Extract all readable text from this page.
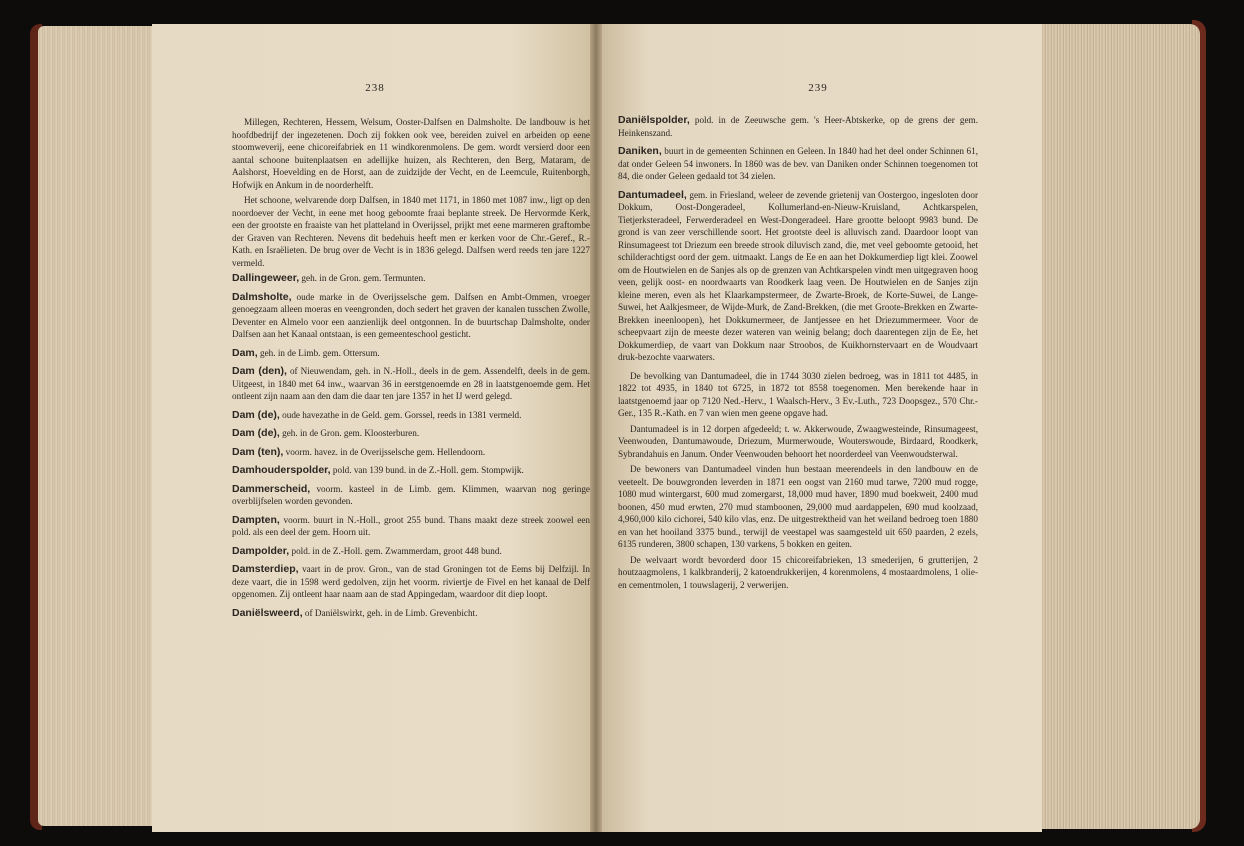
238

Millegen, Rechteren, Hessem, Welsum, Ooster-Dalfsen en Dalmsholte. De landbouw is het hoofdbedrijf der ingezetenen. Doch zij fokken ook vee, bereiden zuivel en arbeiden op eene stoomweverij, eene chicoreifabriek en 11 windkorenmolens. De gem. wordt versierd door een aantal schoone buitenplaatsen en adellijke huizen, als Rechteren, den Berg, Mataram, de Aalshorst, Hoevelding en de Horst, aan de zuidzijde der Vecht, en de Leemcule, Ruitenborgh, Hofwijk en Ankum in de noorderhelft.

Het schoone, welvarende dorp Dalfsen, in 1840 met 1171, in 1860 met 1087 inw., ligt op den noordoever der Vecht, in eene met hoog geboomte fraai beplante streek. De Hervormde Kerk, een der grootste en fraaiste van het platteland in Overijssel, prijkt met eene marmeren graftombe der Graven van Rechteren. Nevens dit bedehuis heeft men er kerken voor de Chr.-Geref., R.-Kath. en Israëlieten. De brug over de Vecht is in 1836 gelegd. Dalfsen werd reeds ten jare 1227 vermeld.

Dallingeweer, geh. in de Gron. gem. Termunten.

Dalmsholte, oude marke in de Overijsselsche gem. Dalfsen en Ambt-Ommen, vroeger genoegzaam alleen moeras en veengronden, doch sedert het graven der kanalen tusschen Zwolle, Deventer en Almelo voor een aanzienlijk deel ontgonnen. In de buurtschap Dalmsholte, onder Dalfsen aan het Kanaal ontstaan, is een gemeenteschool gesticht.

Dam, geh. in de Limb. gem. Ottersum.

Dam (den), of Nieuwendam, geh. in N.-Holl., deels in de gem. Assendelft, deels in de gem. Uitgeest, in 1840 met 64 inw., waarvan 36 in eerstgenoemde en 28 in laatstgenoemde gem. Het ontleent zijn naam aan den dam die daar ten jare 1357 in het IJ werd gelegd.

Dam (de), oude havezathe in de Geld. gem. Gorssel, reeds in 1381 vermeld.

Dam (de), geh. in de Gron. gem. Kloosterburen.

Dam (ten), voorm. havez. in de Overijsselsche gem. Hellendoorn.

Damhouderspolder, pold. van 139 bund. in de Z.-Holl. gem. Stompwijk.

Dammerscheid, voorm. kasteel in de Limb. gem. Klimmen, waarvan nog geringe overblijfselen worden gevonden.

Dampten, voorm. buurt in N.-Holl., groot 255 bund. Thans maakt deze streek zoowel een pold. als een deel der gem. Hoorn uit.

Dampolder, pold. in de Z.-Holl. gem. Zwammerdam, groot 448 bund.

Damsterdiep, vaart in de prov. Gron., van de stad Groningen tot de Eems bij Delfzijl. In deze vaart, die in 1598 werd gedolven, zijn het voorm. riviertje de Fivel en het kanaal de Delf opgenomen. Zij ontleent haar naam aan de stad Appingedam, waardoor dit diep loopt.

Daniëlsweerd, of Daniëlswirkt, geh. in de Limb. Grevenbicht.

239

Daniëlspolder, pold. in de Zeeuwsche gem. 's Heer-Abtskerke, op de grens der gem. Heinkenszand.

Daniken, buurt in de gemeenten Schinnen en Geleen. In 1840 had het deel onder Schinnen 61, dat onder Geleen 54 inwoners. In 1860 was de bev. van Daniken onder Schinnen toegenomen tot 84, die onder Geleen gedaald tot 34 zielen.

Dantumadeel, gem. in Friesland, weleer de zevende grietenij van Oostergoo, ingesloten door Dokkum, Oost-Dongeradeel, Kollumerland-en-Nieuw-Kruisland, Achtkarspelen, Tietjerksteradeel, Ferwerderadeel en West-Dongeradeel. Hare grootte beloopt 9983 bund. De grond is van zeer verschillende soort. Het grootste deel is alluvisch zand. Daardoor loopt van Rinsumageest tot Driezum een breede strook diluvisch zand, die, met veel geboomte getooid, het schilderachtigst oord der gem. uitmaakt. Langs de Ee en aan het Dokkumerdiep ligt klei. Zoowel om de Houtwielen en de Sanjes als op de grenzen van Achtkarspelen vindt men uitgegraven hoog veen, gelijk oost- en noordwaarts van Roodkerk laag veen. De Houtwielen en de Sanjes zijn kleine meren, even als het Klaarkampstermeer, de Zwarte-Broek, de Korte-Suwei, de Lange-Suwei, het Aalkjesmeer, de Wijde-Murk, de Zand-Brekken, (die met Groote-Brekken en Zwarte-Brekken ineenloopen), het Dokkumermeer, de Jantjessee en het Driezummermeer. Voor de scheepvaart zijn de meeste dezer wateren van weinig belang; doch daarentegen zijn de Ee, het Dokkumerdiep, de vaart van Dokkum naar Stroobos, de Kuikhornstervaart en de Woudvaart druk-bezochte vaarwaters.

De bevolking van Dantumadeel, die in 1744 3030 zielen bedroeg, was in 1811 tot 4485, in 1822 tot 4935, in 1840 tot 6725, in 1872 tot 8558 toegenomen. Men berekende haar in laatstgenoemd jaar op 7120 Ned.-Herv., 1 Waalsch-Herv., 3 Ev.-Luth., 723 Doopsgez., 570 Chr.-Ger., 135 R.-Kath. en 7 van wien men geene opgave had.

Dantumadeel is in 12 dorpen afgedeeld; t. w. Akkerwoude, Zwaagwesteinde, Rinsumageest, Veenwouden, Dantumawoude, Driezum, Murmerwoude, Wouterswoude, Birdaard, Roodkerk, Sybrandahuis en Janum. Onder Veenwouden behoort het noorderdeel van Veenwoudsterwal.

De bewoners van Dantumadeel vinden hun bestaan meerendeels in den landbouw en de veeteelt. De bouwgronden leverden in 1871 een oogst van 2160 mud tarwe, 7200 mud rogge, 1080 mud wintergarst, 600 mud zomergarst, 18,000 mud haver, 1890 mud boekweit, 2400 mud boonen, 450 mud erwten, 270 mud stamboonen, 29,000 mud aardappelen, 690 mud koolzaad, 4,960,000 kilo cichorei, 540 kilo vlas, enz. De uitgestrektheid van het weiland bedroeg toen 1880 en van het hooiland 3375 bund., terwijl de veestapel was saamgesteld uit 650 paarden, 2 ezels, 6135 runderen, 3800 schapen, 130 varkens, 5 bokken en geiten.

De welvaart wordt bevorderd door 15 chicoreifabrieken, 13 smederijen, 6 grutterijen, 2 houtzaagmolens, 1 kalkbranderij, 2 katoendrukkerijen, 4 korenmolens, 4 mostaardmolens, 1 olie- en cementmolen, 1 touwslagerij, 2 verwerijen.
